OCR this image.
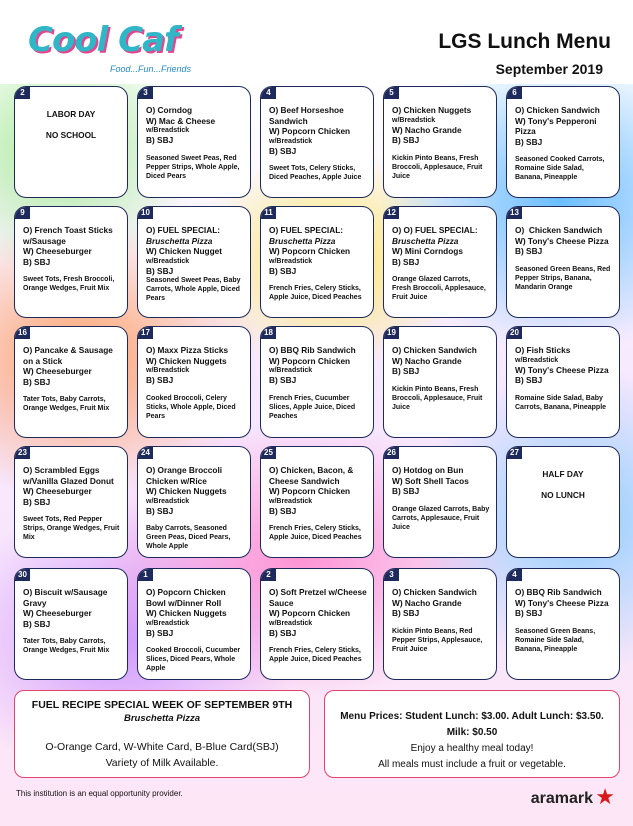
Cool Caf
Food...Fun...Friends
LGS Lunch Menu
September 2019
2
LABOR DAY
NO SCHOOL
3
O) Corndog
W) Mac & Cheese
w/Breadstick
B) SBJ
Seasoned Sweet Peas, Red Pepper Strips, Whole Apple, Diced Pears
4
O) Beef Horseshoe Sandwich
W) Popcorn Chicken
w/Breadstick
B) SBJ
Sweet Tots, Celery Sticks, Diced Peaches, Apple Juice
5
O) Chicken Nuggets
w/Breadstick
W) Nacho Grande
B) SBJ
Kickin Pinto Beans, Fresh Broccoli, Applesauce, Fruit Juice
6
O) Chicken Sandwich
W) Tony's Pepperoni Pizza
B) SBJ
Seasoned Cooked Carrots, Romaine Side Salad, Banana, Pineapple
9
O) French Toast Sticks w/Sausage
W) Cheeseburger
B) SBJ
Sweet Tots, Fresh Broccoli, Orange Wedges, Fruit Mix
10
O) FUEL SPECIAL:
Bruschetta Pizza
W) Chicken Nugget
w/Breadstick
B) SBJ
Seasoned Sweet Peas, Baby Carrots, Whole Apple, Diced Pears
11
O) FUEL SPECIAL:
Bruschetta Pizza
W) Popcorn Chicken
w/Breadstick
B) SBJ
French Fries, Celery Sticks, Apple Juice, Diced Peaches
12
O) O) FUEL SPECIAL:
Bruschetta Pizza
W) Mini Corndogs
B) SBJ
Orange Glazed Carrots, Fresh Broccoli, Applesauce, Fruit Juice
13
O)  Chicken Sandwich
W) Tony's Cheese Pizza
B) SBJ
Seasoned Green Beans, Red Pepper Strips, Banana, Mandarin Orange
16
O) Pancake & Sausage on a Stick
W) Cheeseburger
B) SBJ
Tater Tots, Baby Carrots, Orange Wedges, Fruit Mix
17
O) Maxx Pizza Sticks
W) Chicken Nuggets
w/Breadstick
B) SBJ
Cooked Broccoli, Celery Sticks, Whole Apple, Diced Pears
18
O) BBQ Rib Sandwich
W) Popcorn Chicken
w/Breadstick
B) SBJ
French Fries, Cucumber Slices, Apple Juice, Diced Peaches
19
O) Chicken Sandwich
W) Nacho Grande
B) SBJ
Kickin Pinto Beans, Fresh Broccoli, Applesauce, Fruit Juice
20
O) Fish Sticks
w/Breadstick
W) Tony's Cheese Pizza
B) SBJ
Romaine Side Salad, Baby Carrots, Banana, Pineapple
23
O) Scrambled Eggs w/Vanilla Glazed Donut
W) Cheeseburger
B) SBJ
Sweet Tots, Red Pepper Strips, Orange Wedges, Fruit Mix
24
O) Orange Broccoli Chicken w/Rice
W) Chicken Nuggets
w/Breadstick
B) SBJ
Baby Carrots, Seasoned Green Peas, Diced Pears, Whole Apple
25
O) Chicken, Bacon, & Cheese Sandwich
W) Popcorn Chicken
w/Breadstick
B) SBJ
French Fries, Celery Sticks, Apple Juice, Diced Peaches
26
O) Hotdog on Bun
W) Soft Shell Tacos
B) SBJ
Orange Glazed Carrots, Baby Carrots, Applesauce, Fruit Juice
27
HALF DAY
NO LUNCH
30
O) Biscuit w/Sausage Gravy
W) Cheeseburger
B) SBJ
Tater Tots, Baby Carrots, Orange Wedges, Fruit Mix
1
O) Popcorn Chicken Bowl w/Dinner Roll
W) Chicken Nuggets
w/Breadstick
B) SBJ
Cooked Broccoli, Cucumber Slices, Diced Pears, Whole Apple
2
O) Soft Pretzel w/Cheese Sauce
W) Popcorn Chicken
w/Breadstick
B) SBJ
French Fries, Celery Sticks, Apple Juice, Diced Peaches
3
O) Chicken Sandwich
W) Nacho Grande
B) SBJ
Kickin Pinto Beans, Red Pepper Strips, Applesauce, Fruit Juice
4
O) BBQ Rib Sandwich
W) Tony's Cheese Pizza
B) SBJ
Seasoned Green Beans, Romaine Side Salad, Banana, Pineapple
FUEL RECIPE SPECIAL WEEK OF SEPTEMBER 9TH
Bruschetta Pizza
O-Orange Card, W-White Card, B-Blue Card(SBJ)
Variety of Milk Available.
Menu Prices: Student Lunch: $3.00. Adult Lunch: $3.50.
Milk: $0.50
Enjoy a healthy meal today!
All meals must include a fruit or vegetable.
This institution is an equal opportunity provider.	aramark ★
